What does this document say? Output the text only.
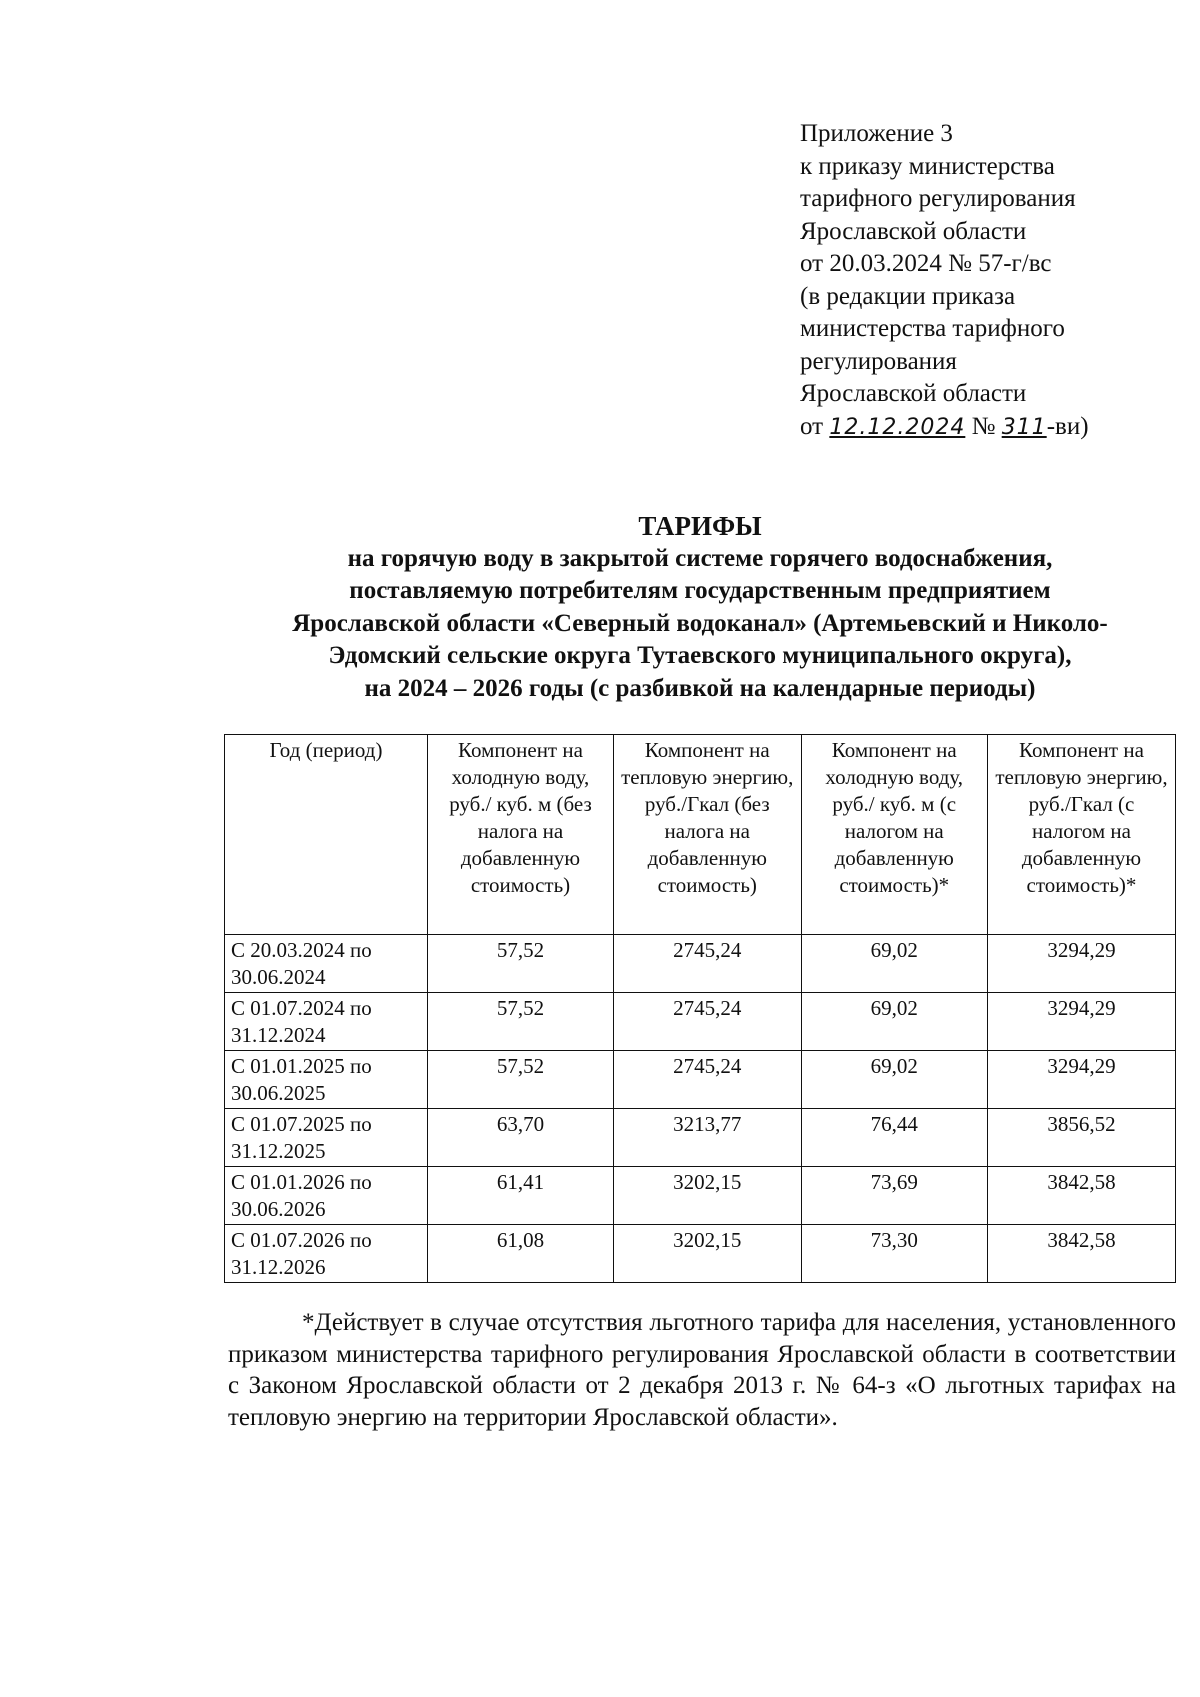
Приложение 3
к приказу министерства
тарифного регулирования
Ярославской области
от 20.03.2024 № 57-г/вс
(в редакции приказа
министерства тарифного
регулирования
Ярославской области
от 12.12.2024 № 311-ви)
ТАРИФЫ
на горячую воду в закрытой системе горячего водоснабжения,
поставляемую потребителям государственным предприятием
Ярославской области «Северный водоканал» (Артемьевский и Николо-
Эдомский сельские округа Тутаевского муниципального округа),
на 2024 – 2026 годы (с разбивкой на календарные периоды)
Год (период)	Компонент на холодную воду, руб./ куб. м (без налога на добавленную стоимость)	Компонент на тепловую энергию, руб./Гкал (без налога на добавленную стоимость)	Компонент на холодную воду, руб./ куб. м (с налогом на добавленную стоимость)*	Компонент на тепловую энергию, руб./Гкал (с налогом на добавленную стоимость)*
С 20.03.2024 по 30.06.2024	57,52	2745,24	69,02	3294,29
С 01.07.2024 по 31.12.2024	57,52	2745,24	69,02	3294,29
С 01.01.2025 по 30.06.2025	57,52	2745,24	69,02	3294,29
С 01.07.2025 по 31.12.2025	63,70	3213,77	76,44	3856,52
С 01.01.2026 по 30.06.2026	61,41	3202,15	73,69	3842,58
С 01.07.2026 по 31.12.2026	61,08	3202,15	73,30	3842,58
*Действует в случае отсутствия льготного тарифа для населения, установленного приказом министерства тарифного регулирования Ярославской области в соответствии с Законом Ярославской области от 2 декабря 2013 г. № 64-з «О льготных тарифах на тепловую энергию на территории Ярославской области».
